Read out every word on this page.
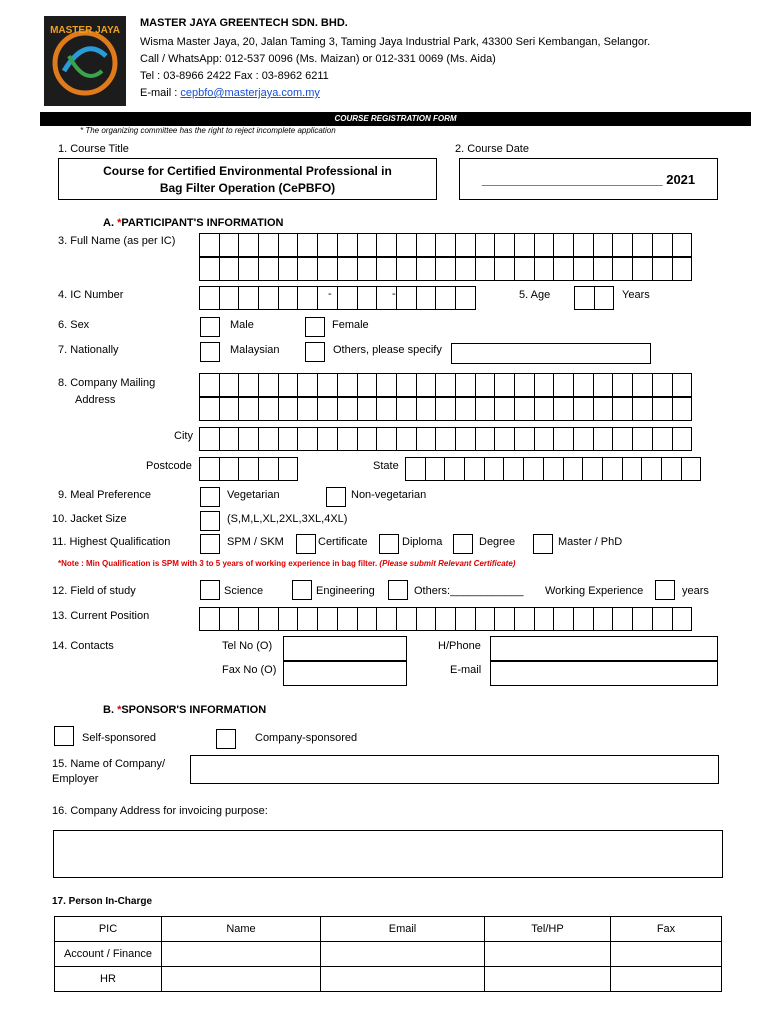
MASTER JAYA
MASTER JAYA GREENTECH SDN. BHD.
Wisma Master Jaya, 20, Jalan Taming 3, Taming Jaya Industrial Park, 43300 Seri Kembangan, Selangor.
Call / WhatsApp: 012-537 0096 (Ms. Maizan) or 012-331 0069 (Ms. Aida)
Tel : 03-8966 2422 Fax : 03-8962 6211
E-mail : cepbfo@masterjaya.com.my
COURSE REGISTRATION FORM
* The organizing committee has the right to reject incomplete application
1. Course Title	2. Course Date
Course for Certified Environmental Professional in
Bag Filter Operation (CePBFO)
_________________________ 2021
A. *PARTICIPANT'S INFORMATION
3. Full Name (as per IC)
4. IC Number	-	-	5. Age	Years
6. Sex	Male	Female
7. Nationally	Malaysian	Others, please specify
8. Company Mailing
Address
City
Postcode	State
9. Meal Preference	Vegetarian	Non-vegetarian
10. Jacket Size	(S,M,L,XL,2XL,3XL,4XL)
11. Highest Qualification	SPM / SKM	Certificate	Diploma	Degree	Master / PhD
*Note : Min Qualification is SPM with 3 to 5 years of working experience in bag filter. (Please submit Relevant Certificate)
12. Field of study	Science	Engineering	Others:____________ Working Experience	years
13. Current Position
14. Contacts	Tel No (O)	H/Phone
Fax No (O)	E-mail
B. *SPONSOR'S INFORMATION
Self-sponsored	Company-sponsored
15. Name of Company/
Employer
16. Company Address for invoicing purpose:
17. Person In-Charge
PIC	Name	Email	Tel/HP	Fax
Account / Finance				
HR				
